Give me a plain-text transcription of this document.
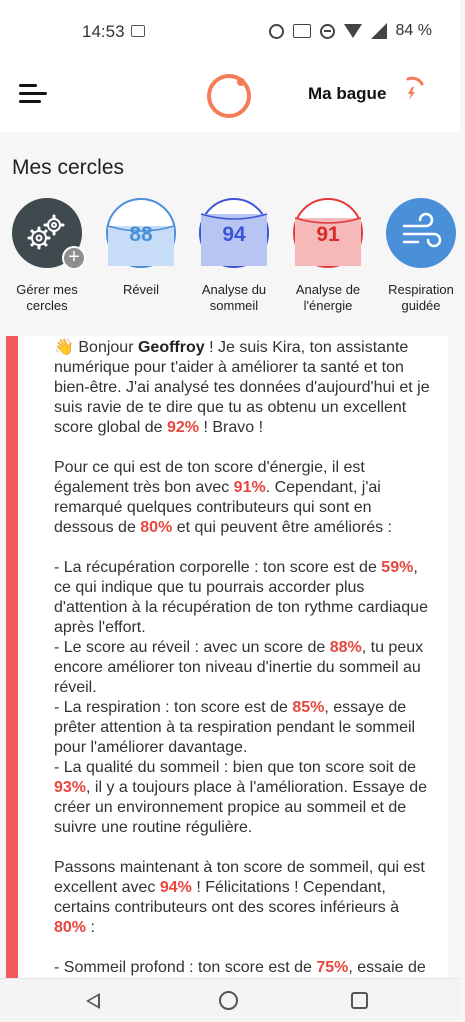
14:53	84 %
Ma bague
Mes cercles
+
Gérer mes cercles
88
Réveil
94
Analyse du sommeil
91
Analyse de l'énergie
Respiration guidée

👋 Bonjour Geoffroy ! Je suis Kira, ton assistante numérique pour t'aider à améliorer ta santé et ton bien-être. J'ai analysé tes données d'aujourd'hui et je suis ravie de te dire que tu as obtenu un excellent score global de 92% ! Bravo !

Pour ce qui est de ton score d'énergie, il est également très bon avec 91%. Cependant, j'ai remarqué quelques contributeurs qui sont en dessous de 80% et qui peuvent être améliorés :

- La récupération corporelle : ton score est de 59%, ce qui indique que tu pourrais accorder plus d'attention à la récupération de ton rythme cardiaque après l'effort.
- Le score au réveil : avec un score de 88%, tu peux encore améliorer ton niveau d'inertie du sommeil au réveil.
- La respiration : ton score est de 85%, essaye de prêter attention à ta respiration pendant le sommeil pour l'améliorer davantage.
- La qualité du sommeil : bien que ton score soit de 93%, il y a toujours place à l'amélioration. Essaye de créer un environnement propice au sommeil et de suivre une routine régulière.

Passons maintenant à ton score de sommeil, qui est excellent avec 94% ! Félicitations ! Cependant, certains contributeurs ont des scores inférieurs à 80% :

- Sommeil profond : ton score est de 75%, essaie de
